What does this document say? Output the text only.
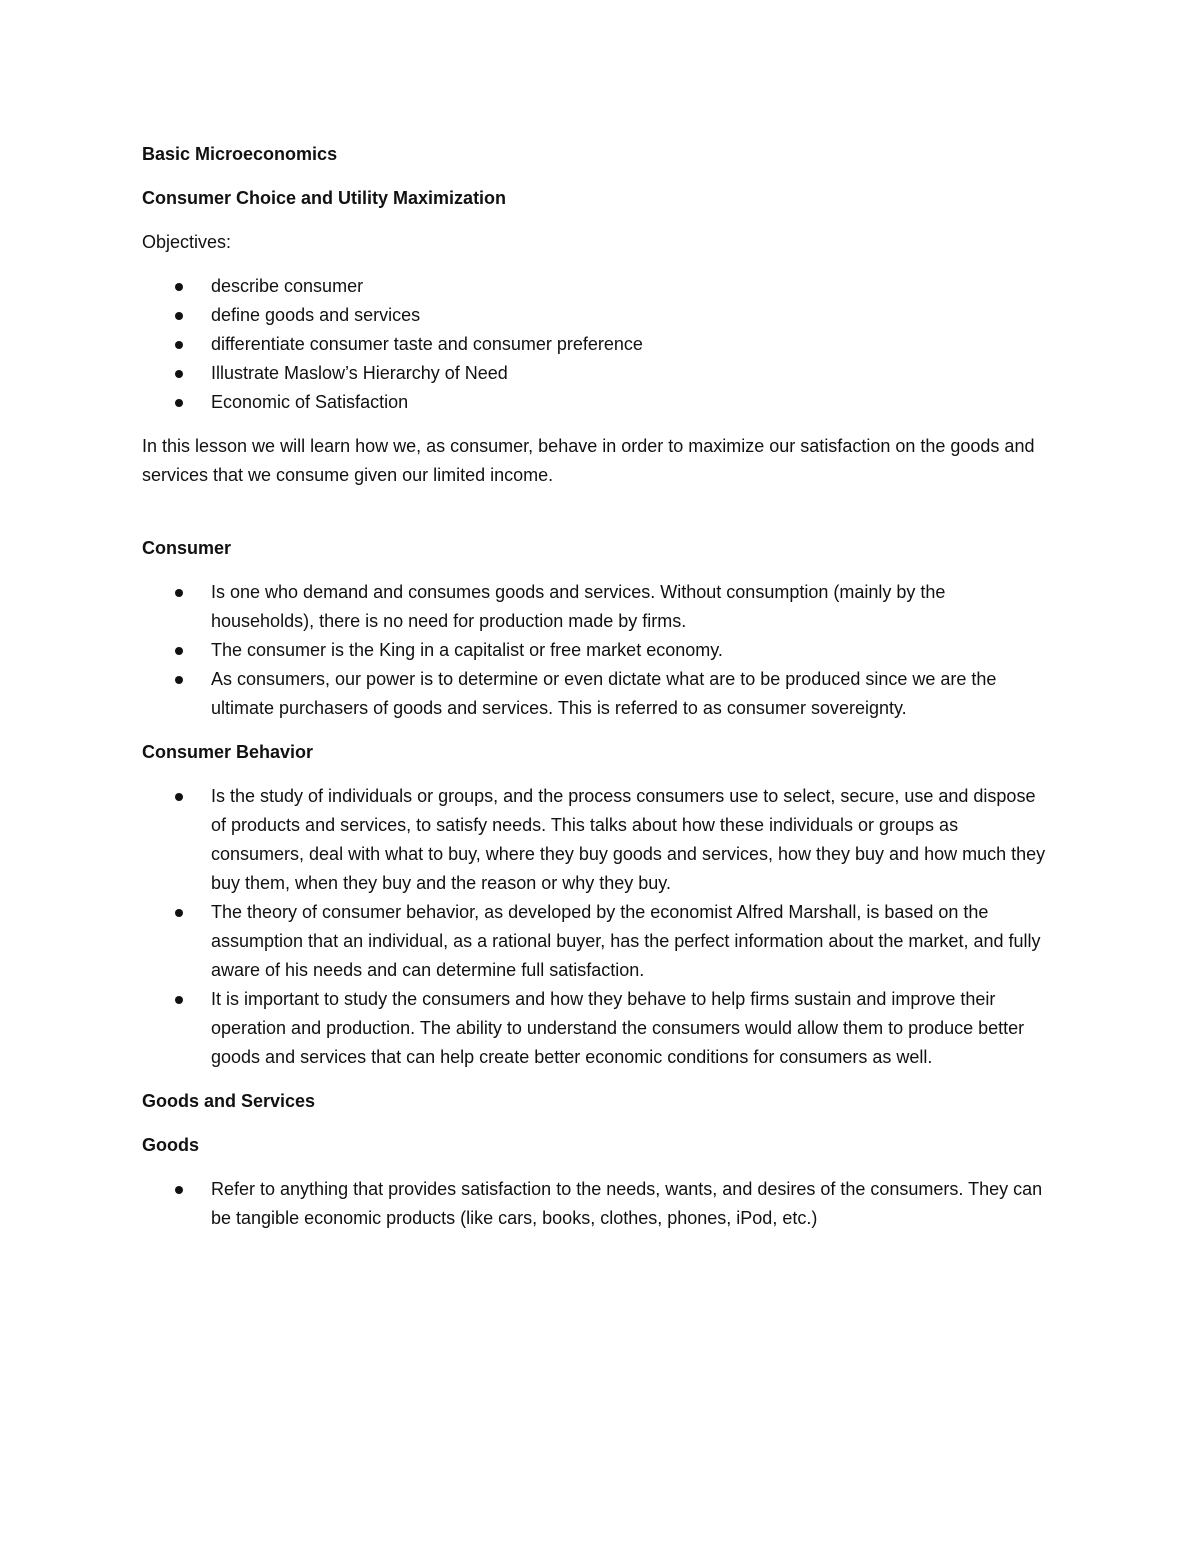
Basic Microeconomics
Consumer Choice and Utility Maximization
Objectives:
describe consumer
define goods and services
differentiate consumer taste and consumer preference
Illustrate Maslow’s Hierarchy of Need
Economic of Satisfaction
In this lesson we will learn how we, as consumer, behave in order to maximize our satisfaction on the goods and services that we consume given our limited income.
Consumer
Is one who demand and consumes goods and services. Without consumption (mainly by the households), there is no need for production made by firms.
The consumer is the King in a capitalist or free market economy.
As consumers, our power is to determine or even dictate what are to be produced since we are the ultimate purchasers of goods and services. This is referred to as consumer sovereignty.
Consumer Behavior
Is the study of individuals or groups, and the process consumers use to select, secure, use and dispose of products and services, to satisfy needs. This talks about how these individuals or groups as consumers, deal with what to buy, where they buy goods and services, how they buy and how much they buy them, when they buy and the reason or why they buy.
The theory of consumer behavior, as developed by the economist Alfred Marshall, is based on the assumption that an individual, as a rational buyer, has the perfect information about the market, and fully aware of his needs and can determine full satisfaction.
It is important to study the consumers and how they behave to help firms sustain and improve their operation and production. The ability to understand the consumers would allow them to produce better goods and services that can help create better economic conditions for consumers as well.
Goods and Services
Goods
Refer to anything that provides satisfaction to the needs, wants, and desires of the consumers. They can be tangible economic products (like cars, books, clothes, phones, iPod, etc.)
